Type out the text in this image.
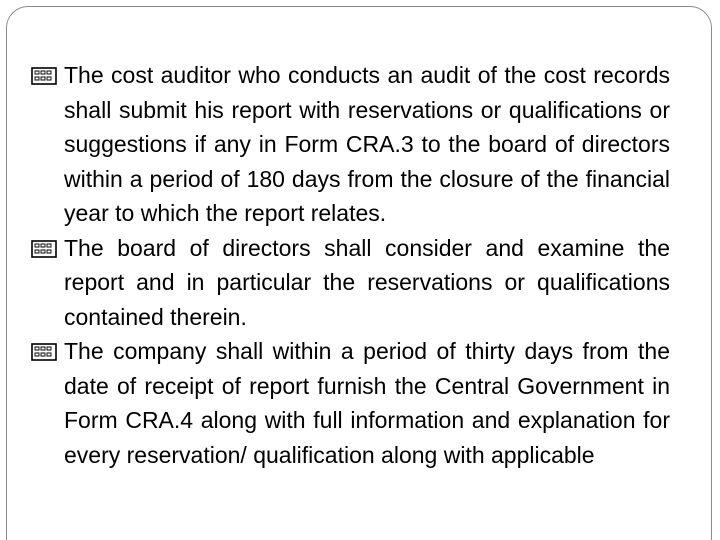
The cost auditor who conducts an audit of the cost records shall submit his report with reservations or qualifications or suggestions if any in Form CRA.3 to the board of directors within a period of 180 days from the closure of the financial year to which the report relates.
The board of directors shall consider and examine the report and in particular the reservations or qualifications contained therein.
The company shall within a period of thirty days from the date of receipt of report furnish the Central Government in Form CRA.4 along with full information and explanation for every reservation/ qualification along with applicable
